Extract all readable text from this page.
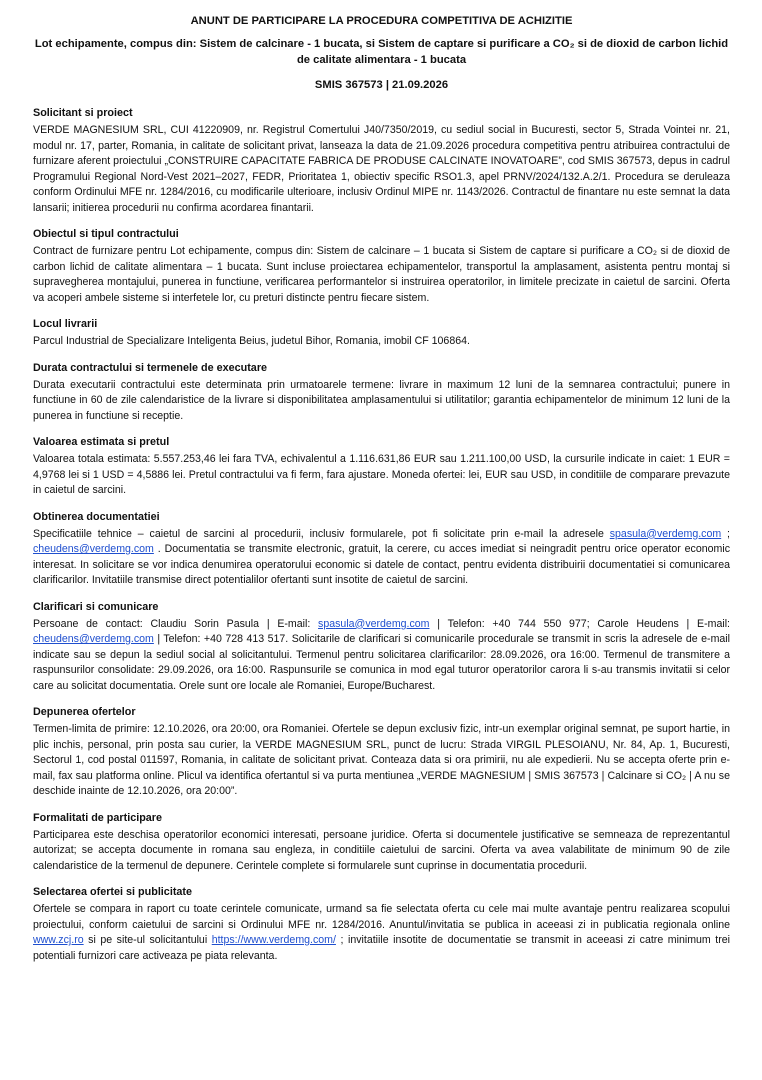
ANUNT DE PARTICIPARE LA PROCEDURA COMPETITIVA DE ACHIZITIE
Lot echipamente, compus din: Sistem de calcinare - 1 bucata, si Sistem de captare si purificare a CO₂ si de dioxid de carbon lichid de calitate alimentara - 1 bucata
SMIS 367573 | 21.09.2026
Solicitant si proiect

VERDE MAGNESIUM SRL, CUI 41220909, nr. Registrul Comertului J40/7350/2019, cu sediul social in Bucuresti, sector 5, Strada Vointei nr. 21, modul nr. 17, parter, Romania, in calitate de solicitant privat, lanseaza la data de 21.09.2026 procedura competitiva pentru atribuirea contractului de furnizare aferent proiectului „CONSTRUIRE CAPACITATE FABRICA DE PRODUSE CALCINATE INOVATOARE”, cod SMIS 367573, depus in cadrul Programului Regional Nord-Vest 2021–2027, FEDR, Prioritatea 1, obiectiv specific RSO1.3, apel PRNV/2024/132.A.2/1. Procedura se deruleaza conform Ordinului MFE nr. 1284/2016, cu modificarile ulterioare, inclusiv Ordinul MIPE nr. 1143/2026. Contractul de finantare nu este semnat la data lansarii; initierea procedurii nu confirma acordarea finantarii.

Obiectul si tipul contractului

Contract de furnizare pentru Lot echipamente, compus din: Sistem de calcinare – 1 bucata si Sistem de captare si purificare a CO₂ si de dioxid de carbon lichid de calitate alimentara – 1 bucata. Sunt incluse proiectarea echipamentelor, transportul la amplasament, asistenta pentru montaj si supravegherea montajului, punerea in functiune, verificarea performantelor si instruirea operatorilor, in limitele precizate in caietul de sarcini. Oferta va acoperi ambele sisteme si interfetele lor, cu preturi distincte pentru fiecare sistem.

Locul livrarii

Parcul Industrial de Specializare Inteligenta Beius, judetul Bihor, Romania, imobil CF 106864.

Durata contractului si termenele de executare

Durata executarii contractului este determinata prin urmatoarele termene: livrare in maximum 12 luni de la semnarea contractului; punere in functiune in 60 de zile calendaristice de la livrare si disponibilitatea amplasamentului si utilitatilor; garantia echipamentelor de minimum 12 luni de la punerea in functiune si receptie.

Valoarea estimata si pretul

Valoarea totala estimata: 5.557.253,46 lei fara TVA, echivalentul a 1.116.631,86 EUR sau 1.211.100,00 USD, la cursurile indicate in caiet: 1 EUR = 4,9768 lei si 1 USD = 4,5886 lei. Pretul contractului va fi ferm, fara ajustare. Moneda ofertei: lei, EUR sau USD, in conditiile de comparare prevazute in caietul de sarcini.

Obtinerea documentatiei

Specificatiile tehnice – caietul de sarcini al procedurii, inclusiv formularele, pot fi solicitate prin e-mail la adresele spasula@verdemg.com ; cheudens@verdemg.com . Documentatia se transmite electronic, gratuit, la cerere, cu acces imediat si neingradit pentru orice operator economic interesat. In solicitare se vor indica denumirea operatorului economic si datele de contact, pentru evidenta distribuirii documentatiei si comunicarea clarificarilor. Invitatiile transmise direct potentialilor ofertanti sunt insotite de caietul de sarcini.

Clarificari si comunicare

Persoane de contact: Claudiu Sorin Pasula | E-mail: spasula@verdemg.com | Telefon: +40 744 550 977; Carole Heudens | E-mail: cheudens@verdemg.com | Telefon: +40 728 413 517. Solicitarile de clarificari si comunicarile procedurale se transmit in scris la adresele de e-mail indicate sau se depun la sediul social al solicitantului. Termenul pentru solicitarea clarificarilor: 28.09.2026, ora 16:00. Termenul de transmitere a raspunsurilor consolidate: 29.09.2026, ora 16:00. Raspunsurile se comunica in mod egal tuturor operatorilor carora li s-au transmis invitatii si celor care au solicitat documentatia. Orele sunt ore locale ale Romaniei, Europe/Bucharest.

Depunerea ofertelor

Termen-limita de primire: 12.10.2026, ora 20:00, ora Romaniei. Ofertele se depun exclusiv fizic, intr-un exemplar original semnat, pe suport hartie, in plic inchis, personal, prin posta sau curier, la VERDE MAGNESIUM SRL, punct de lucru: Strada VIRGIL PLESOIANU, Nr. 84, Ap. 1, Bucuresti, Sectorul 1, cod postal 011597, Romania, in calitate de solicitant privat. Conteaza data si ora primirii, nu ale expedierii. Nu se accepta oferte prin e-mail, fax sau platforma online. Plicul va identifica ofertantul si va purta mentiunea „VERDE MAGNESIUM | SMIS 367573 | Calcinare si CO₂ | A nu se deschide inainte de 12.10.2026, ora 20:00”.

Formalitati de participare

Participarea este deschisa operatorilor economici interesati, persoane juridice. Oferta si documentele justificative se semneaza de reprezentantul autorizat; se accepta documente in romana sau engleza, in conditiile caietului de sarcini. Oferta va avea valabilitate de minimum 90 de zile calendaristice de la termenul de depunere. Cerintele complete si formularele sunt cuprinse in documentatia procedurii.

Selectarea ofertei si publicitate

Ofertele se compara in raport cu toate cerintele comunicate, urmand sa fie selectata oferta cu cele mai multe avantaje pentru realizarea scopului proiectului, conform caietului de sarcini si Ordinului MFE nr. 1284/2016. Anuntul/invitatia se publica in aceeasi zi in publicatia regionala online www.zcj.ro si pe site-ul solicitantului https://www.verdemg.com/ ; invitatiile insotite de documentatie se transmit in aceeasi zi catre minimum trei potentiali furnizori care activeaza pe piata relevanta.
